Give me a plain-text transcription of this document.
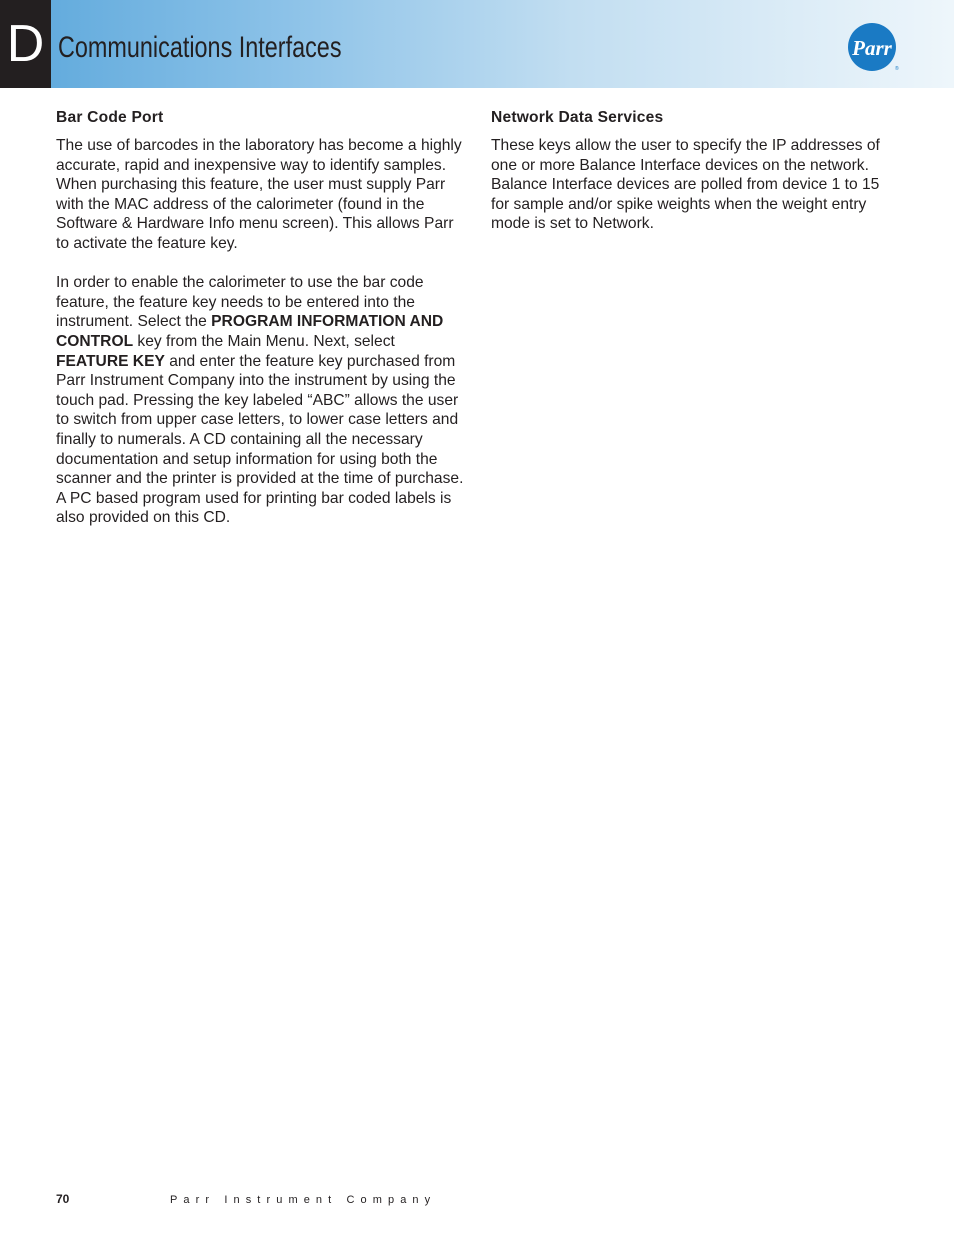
D Communications Interfaces	Parr
®
Bar Code Port

The use of barcodes in the laboratory has become a highly accurate, rapid and inexpensive way to identify samples. When purchasing this feature, the user must supply Parr with the MAC address of the calorimeter (found in the Software & Hardware Info menu screen). This allows Parr to activate the feature key.

In order to enable the calorimeter to use the bar code feature, the feature key needs to be entered into the instrument. Select the PROGRAM INFORMATION AND CONTROL key from the Main Menu. Next, select FEATURE KEY and enter the feature key purchased from Parr Instrument Company into the instrument by using the touch pad. Pressing the key labeled “ABC” allows the user to switch from upper case letters, to lower case letters and finally to numerals. A CD containing all the necessary documentation and setup information for using both the scanner and the printer is provided at the time of purchase. A PC based program used for printing bar coded labels is also provided on this CD.

Network Data Services

These keys allow the user to specify the IP addresses of one or more Balance Interface devices on the network. Balance Interface devices are polled from device 1 to 15 for sample and/or spike weights when the weight entry mode is set to Network.

70	Parr Instrument Company
